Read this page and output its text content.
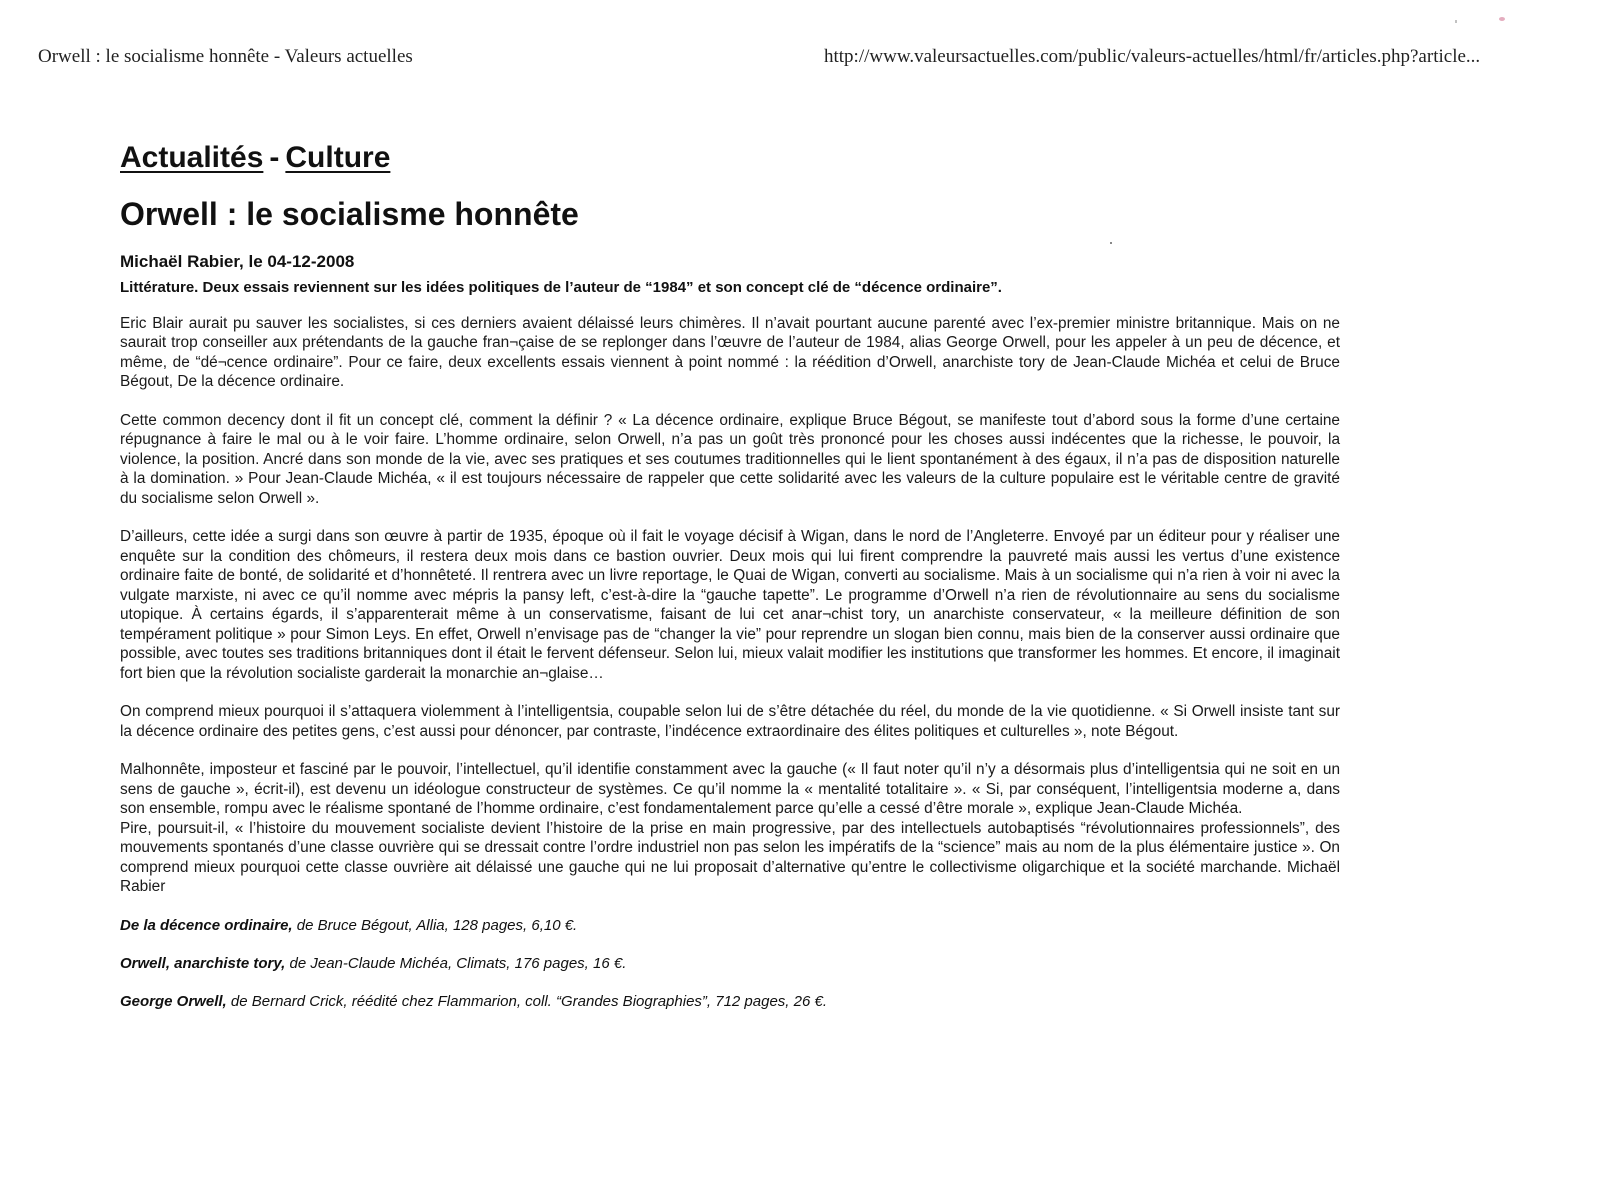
Orwell : le socialisme honnête - Valeurs actuelles	http://www.valeursactuelles.com/public/valeurs-actuelles/html/fr/articles.php?article...
Actualités - Culture
Orwell : le socialisme honnête
Michaël Rabier, le 04-12-2008
Littérature. Deux essais reviennent sur les idées politiques de l’auteur de “1984” et son concept clé de “décence ordinaire”.

Eric Blair aurait pu sauver les socialistes, si ces derniers avaient délaissé leurs chimères. Il n’avait pourtant aucune parenté avec l’ex-premier ministre britannique. Mais on ne saurait trop conseiller aux prétendants de la gauche fran¬çaise de se replonger dans l’œuvre de l’auteur de 1984, alias George Orwell, pour les appeler à un peu de décence, et même, de “dé¬cence ordinaire”. Pour ce faire, deux excellents essais viennent à point nommé : la réédition d’Orwell, anarchiste tory de Jean-Claude Michéa et celui de Bruce Bégout, De la décence ordinaire.

Cette common decency dont il fit un concept clé, comment la définir ? « La décence ordinaire, explique Bruce Bégout, se manifeste tout d’abord sous la forme d’une certaine répugnance à faire le mal ou à le voir faire. L’homme ordinaire, selon Orwell, n’a pas un goût très prononcé pour les choses aussi indécentes que la richesse, le pouvoir, la violence, la position. Ancré dans son monde de la vie, avec ses pratiques et ses coutumes traditionnelles qui le lient spontanément à des égaux, il n’a pas de disposition naturelle à la domination. » Pour Jean-Claude Michéa, « il est toujours nécessaire de rappeler que cette solidarité avec les valeurs de la culture populaire est le véritable centre de gravité du socialisme selon Orwell ».

D’ailleurs, cette idée a surgi dans son œuvre à partir de 1935, époque où il fait le voyage décisif à Wigan, dans le nord de l’Angleterre. Envoyé par un éditeur pour y réaliser une enquête sur la condition des chômeurs, il restera deux mois dans ce bastion ouvrier. Deux mois qui lui firent comprendre la pauvreté mais aussi les vertus d’une existence ordinaire faite de bonté, de solidarité et d’honnêteté. Il rentrera avec un livre reportage, le Quai de Wigan, converti au socialisme. Mais à un socialisme qui n’a rien à voir ni avec la vulgate marxiste, ni avec ce qu’il nomme avec mépris la pansy left, c’est-à-dire la “gauche tapette”. Le programme d’Orwell n’a rien de révolutionnaire au sens du socialisme utopique. À certains égards, il s’apparenterait même à un conservatisme, faisant de lui cet anar¬chist tory, un anarchiste conservateur, « la meilleure définition de son tempérament politique » pour Simon Leys. En effet, Orwell n’envisage pas de “changer la vie” pour reprendre un slogan bien connu, mais bien de la conserver aussi ordinaire que possible, avec toutes ses traditions britanniques dont il était le fervent défenseur. Selon lui, mieux valait modifier les institutions que transformer les hommes. Et encore, il imaginait fort bien que la révolution socialiste garderait la monarchie an¬glaise…

On comprend mieux pourquoi il s’attaquera violemment à l’intelligentsia, coupable selon lui de s’être détachée du réel, du monde de la vie quotidienne. « Si Orwell insiste tant sur la décence ordinaire des petites gens, c’est aussi pour dénoncer, par contraste, l’indécence extraordinaire des élites politiques et culturelles », note Bégout.

Malhonnête, imposteur et fasciné par le pouvoir, l’intellectuel, qu’il identifie constamment avec la gauche (« Il faut noter qu’il n’y a désormais plus d’intelligentsia qui ne soit en un sens de gauche », écrit-il), est devenu un idéologue constructeur de systèmes. Ce qu’il nomme la « mentalité totalitaire ». « Si, par conséquent, l’intelligentsia moderne a, dans son ensemble, rompu avec le réalisme spontané de l’homme ordinaire, c’est fondamentalement parce qu’elle a cessé d’être morale », explique Jean-Claude Michéa.
Pire, poursuit-il, « l’histoire du mouvement socialiste devient l’histoire de la prise en main progressive, par des intellectuels autobaptisés “révolutionnaires professionnels”, des mouvements spontanés d’une classe ouvrière qui se dressait contre l’ordre industriel non pas selon les impératifs de la “science” mais au nom de la plus élémentaire justice ». On comprend mieux pourquoi cette classe ouvrière ait délaissé une gauche qui ne lui proposait d’alternative qu’entre le collectivisme oligarchique et la société marchande. Michaël Rabier

De la décence ordinaire, de Bruce Bégout, Allia, 128 pages, 6,10 €.

Orwell, anarchiste tory, de Jean-Claude Michéa, Climats, 176 pages, 16 €.

George Orwell, de Bernard Crick, réédité chez Flammarion, coll. “Grandes Biographies”, 712 pages, 26 €.
